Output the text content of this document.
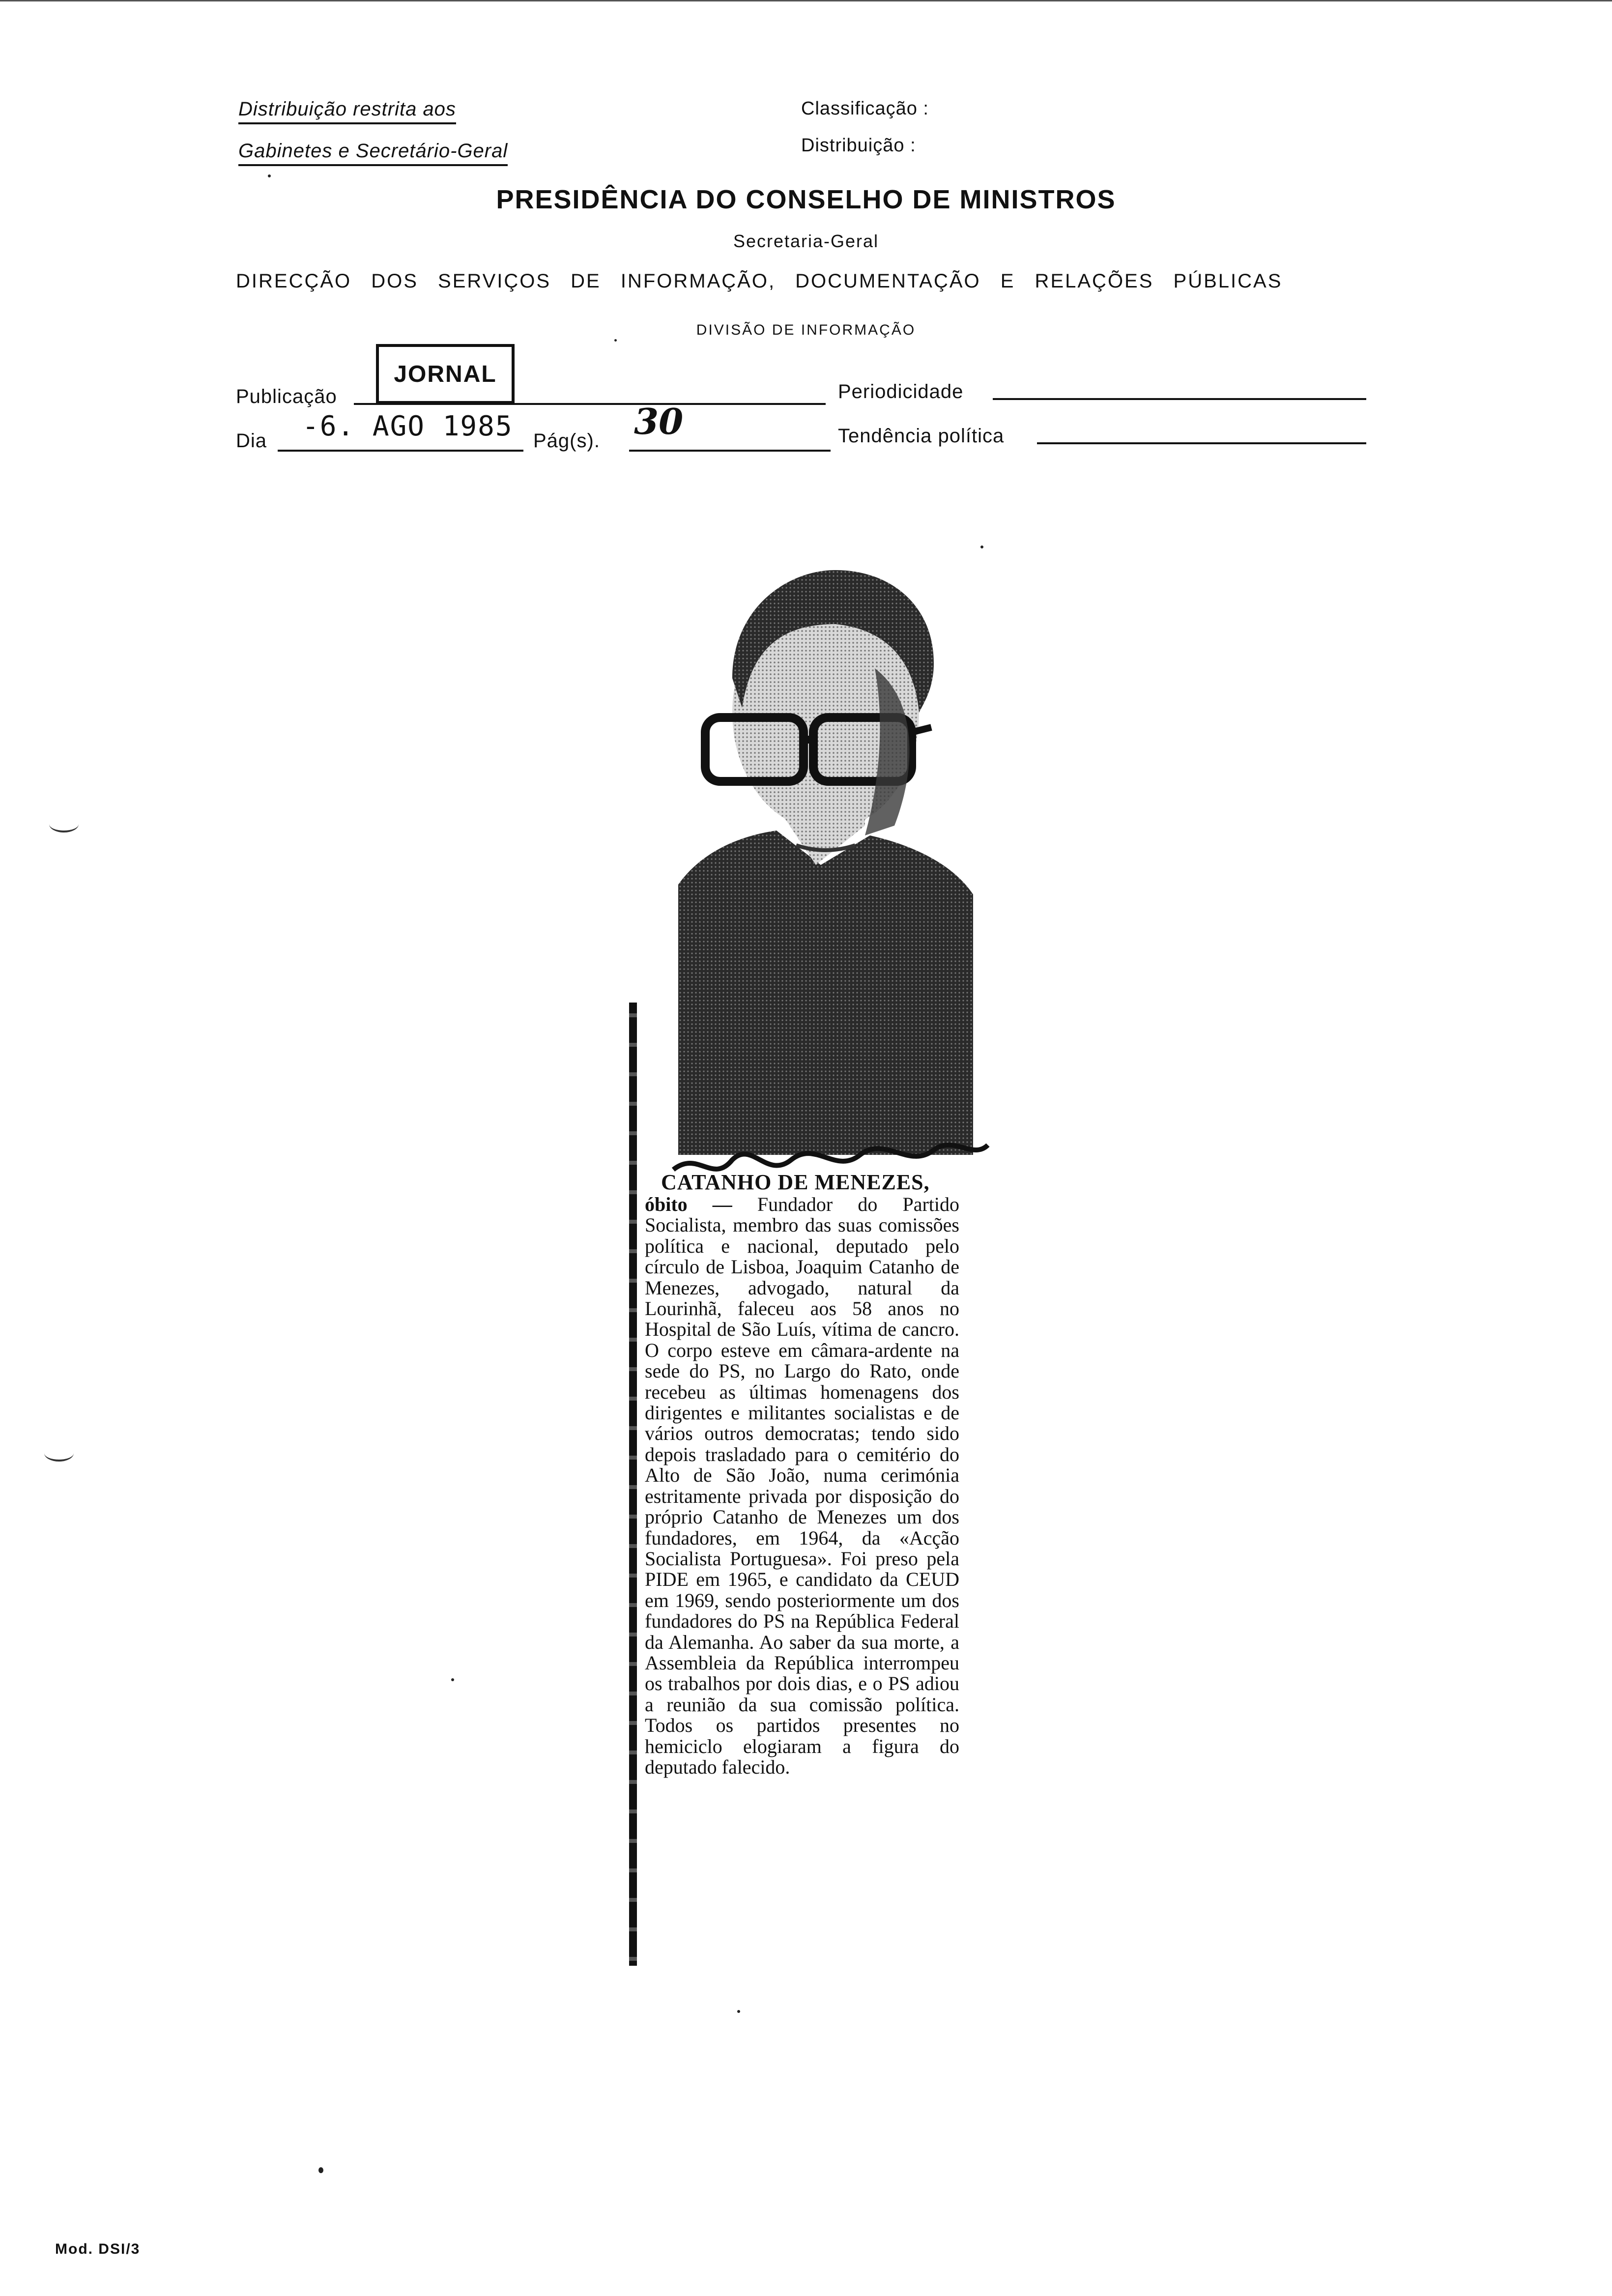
Distribuição restrita aos
Gabinetes e Secretário-Geral
Classificação :
Distribuição :
PRESIDÊNCIA DO CONSELHO DE MINISTROS
Secretaria-Geral
DIRECÇÃO DOS SERVIÇOS DE INFORMAÇÃO, DOCUMENTAÇÃO E RELAÇÕES PÚBLICAS
DIVISÃO DE INFORMAÇÃO
Publicação
JORNAL
Periodicidade
Dia -6. AGO 1985 Pág(s). 30	Tendência política
CATANHO DE MENEZES,
óbito — Fundador do Partido Socialista, membro das suas comissões política e nacional, deputado pelo círculo de Lisboa, Joaquim Catanho de Menezes, advogado, natural da Lourinhã, faleceu aos 58 anos no Hospital de São Luís, vítima de cancro. O corpo esteve em câmara-ardente na sede do PS, no Largo do Rato, onde recebeu as últimas homenagens dos dirigentes e militantes socialistas e de vários outros democratas; tendo sido depois trasladado para o cemitério do Alto de São João, numa cerimónia estritamente privada por disposição do próprio Catanho de Menezes um dos fundadores, em 1964, da «Acção Socialista Portuguesa». Foi preso pela PIDE em 1965, e candidato da CEUD em 1969, sendo posteriormente um dos fundadores do PS na República Federal da Alemanha. Ao saber da sua morte, a Assembleia da República interrompeu os trabalhos por dois dias, e o PS adiou a reunião da sua comissão política. Todos os partidos presentes no hemiciclo elogiaram a figura do deputado falecido.
Mod. DSI/3
